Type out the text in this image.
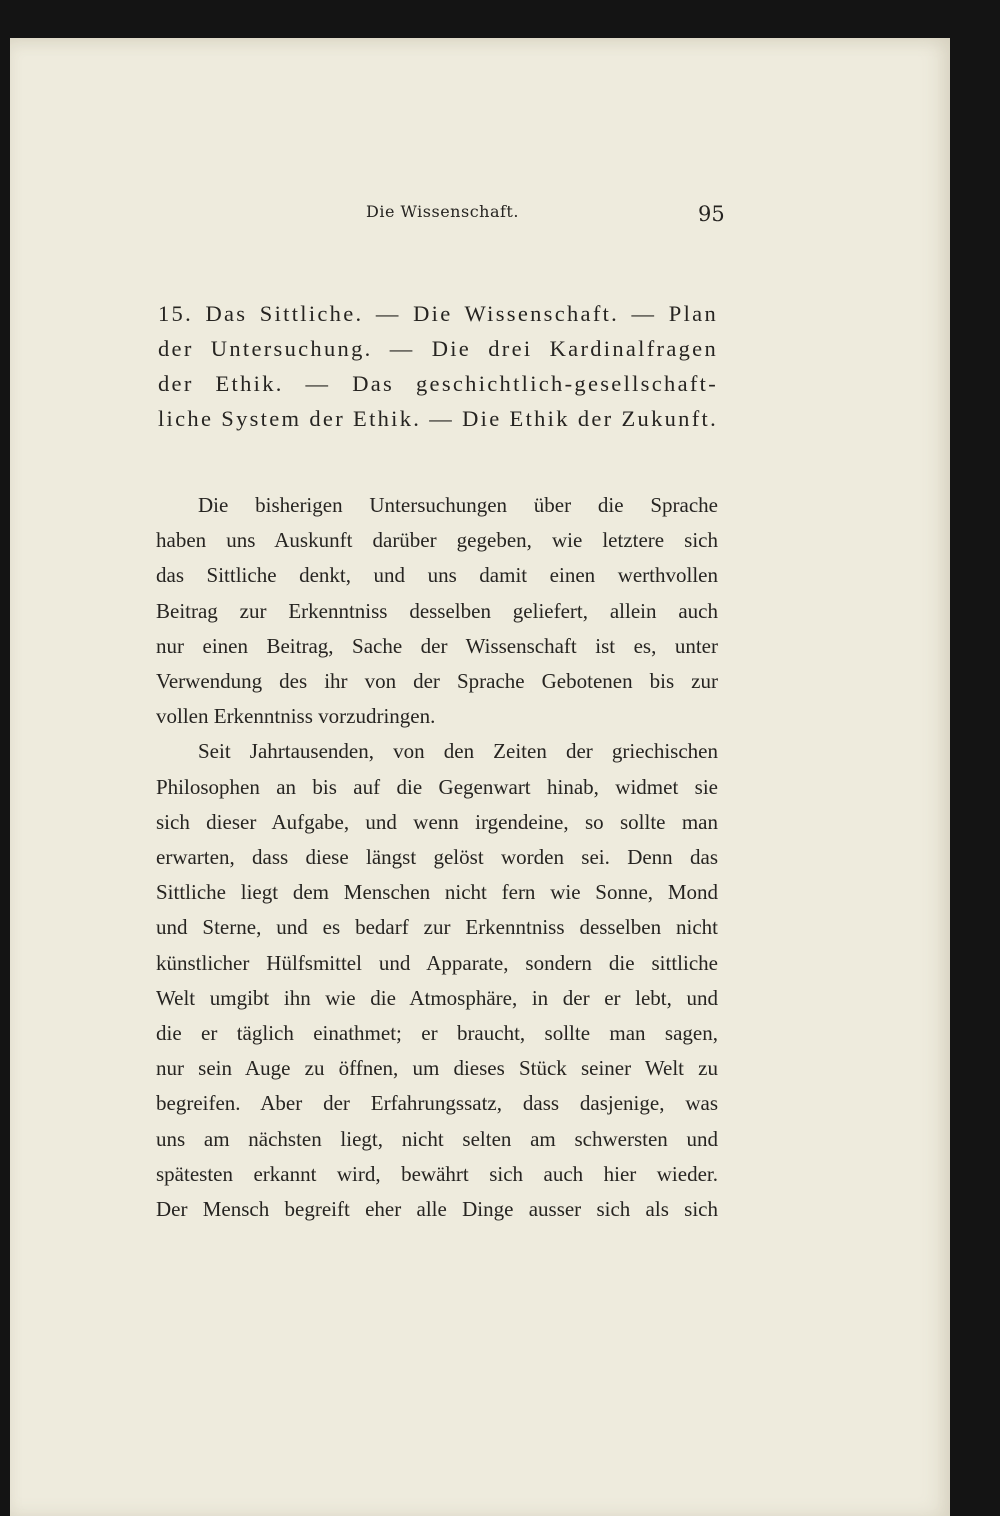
Die Wissenschaft.	95
15. Das Sittliche. — Die Wissenschaft. — Plan
der Untersuchung. — Die drei Kardinalfragen
der Ethik. — Das geschichtlich-gesellschaft-
liche System der Ethik. — Die Ethik der Zukunft.
Die bisherigen Untersuchungen über die Sprache
haben uns Auskunft darüber gegeben, wie letztere sich
das Sittliche denkt, und uns damit einen werthvollen
Beitrag zur Erkenntniss desselben geliefert, allein auch
nur einen Beitrag, Sache der Wissenschaft ist es, unter
Verwendung des ihr von der Sprache Gebotenen bis zur
vollen Erkenntniss vorzudringen.
Seit Jahrtausenden, von den Zeiten der griechischen
Philosophen an bis auf die Gegenwart hinab, widmet sie
sich dieser Aufgabe, und wenn irgendeine, so sollte man
erwarten, dass diese längst gelöst worden sei. Denn das
Sittliche liegt dem Menschen nicht fern wie Sonne, Mond
und Sterne, und es bedarf zur Erkenntniss desselben nicht
künstlicher Hülfsmittel und Apparate, sondern die sittliche
Welt umgibt ihn wie die Atmosphäre, in der er lebt, und
die er täglich einathmet; er braucht, sollte man sagen,
nur sein Auge zu öffnen, um dieses Stück seiner Welt zu
begreifen. Aber der Erfahrungssatz, dass dasjenige, was
uns am nächsten liegt, nicht selten am schwersten und
spätesten erkannt wird, bewährt sich auch hier wieder.
Der Mensch begreift eher alle Dinge ausser sich als sich
